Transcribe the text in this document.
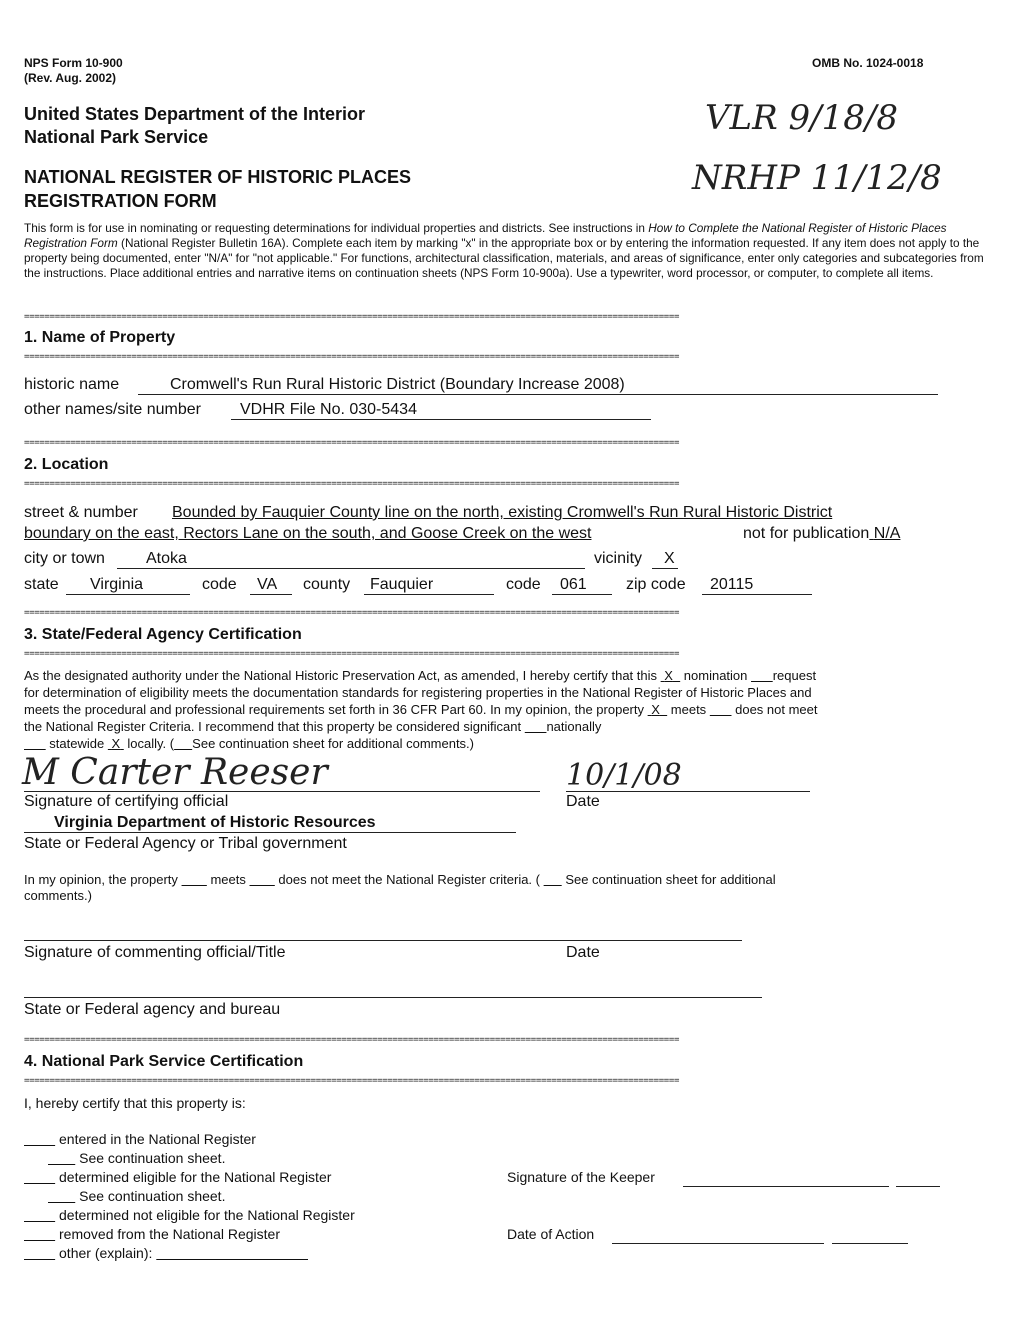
NPS Form 10-900
(Rev. Aug. 2002)
OMB No. 1024-0018
United States Department of the Interior
National Park Service
NATIONAL REGISTER OF HISTORIC PLACES
REGISTRATION FORM
VLR 9/18/8
NRHP 11/12/8
This form is for use in nominating or requesting determinations for individual properties and districts. See instructions in How to Complete the National Register of Historic Places Registration Form (National Register Bulletin 16A). Complete each item by marking "x" in the appropriate box or by entering the information requested. If any item does not apply to the property being documented, enter "N/A" for "not applicable." For functions, architectural classification, materials, and areas of significance, enter only categories and subcategories from the instructions. Place additional entries and narrative items on continuation sheets (NPS Form 10-900a). Use a typewriter, word processor, or computer, to complete all items.
================================================================================================================================
1. Name of Property
================================================================================================================================
historic name	Cromwell's Run Rural Historic District (Boundary Increase 2008)
other names/site number VDHR File No. 030-5434
================================================================================================================================
2. Location
================================================================================================================================
street & number Bounded by Fauquier County line on the north, existing Cromwell's Run Rural Historic District
boundary on the east, Rectors Lane on the south, and Goose Creek on the west	not for publication N/A
city or town	Atoka	vicinity X
state Virginia	code VA county Fauquier	code 061 zip code 20115
================================================================================================================================
3. State/Federal Agency Certification
================================================================================================================================
As the designated authority under the National Historic Preservation Act, as amended, I hereby certify that this X nomination request
for determination of eligibility meets the documentation standards for registering properties in the National Register of Historic Places and
meets the procedural and professional requirements set forth in 36 CFR Part 60. In my opinion, the property X meets does not meet
the National Register Criteria. I recommend that this property be considered significant nationally
statewide X locally. ( See continuation sheet for additional comments.)
M Carter Reeser	10/1/08
Signature of certifying official	Date
Virginia Department of Historic Resources
State or Federal Agency or Tribal government
In my opinion, the property	meets	does not meet the National Register criteria. ( See continuation sheet for additional
comments.)
Signature of commenting official/Title	Date
State or Federal agency and bureau
================================================================================================================================
4. National Park Service Certification
================================================================================================================================
I, hereby certify that this property is:
entered in the National Register
See continuation sheet.
determined eligible for the National Register
See continuation sheet.
determined not eligible for the National Register
removed from the National Register
other (explain):
Signature of the Keeper
Date of Action
